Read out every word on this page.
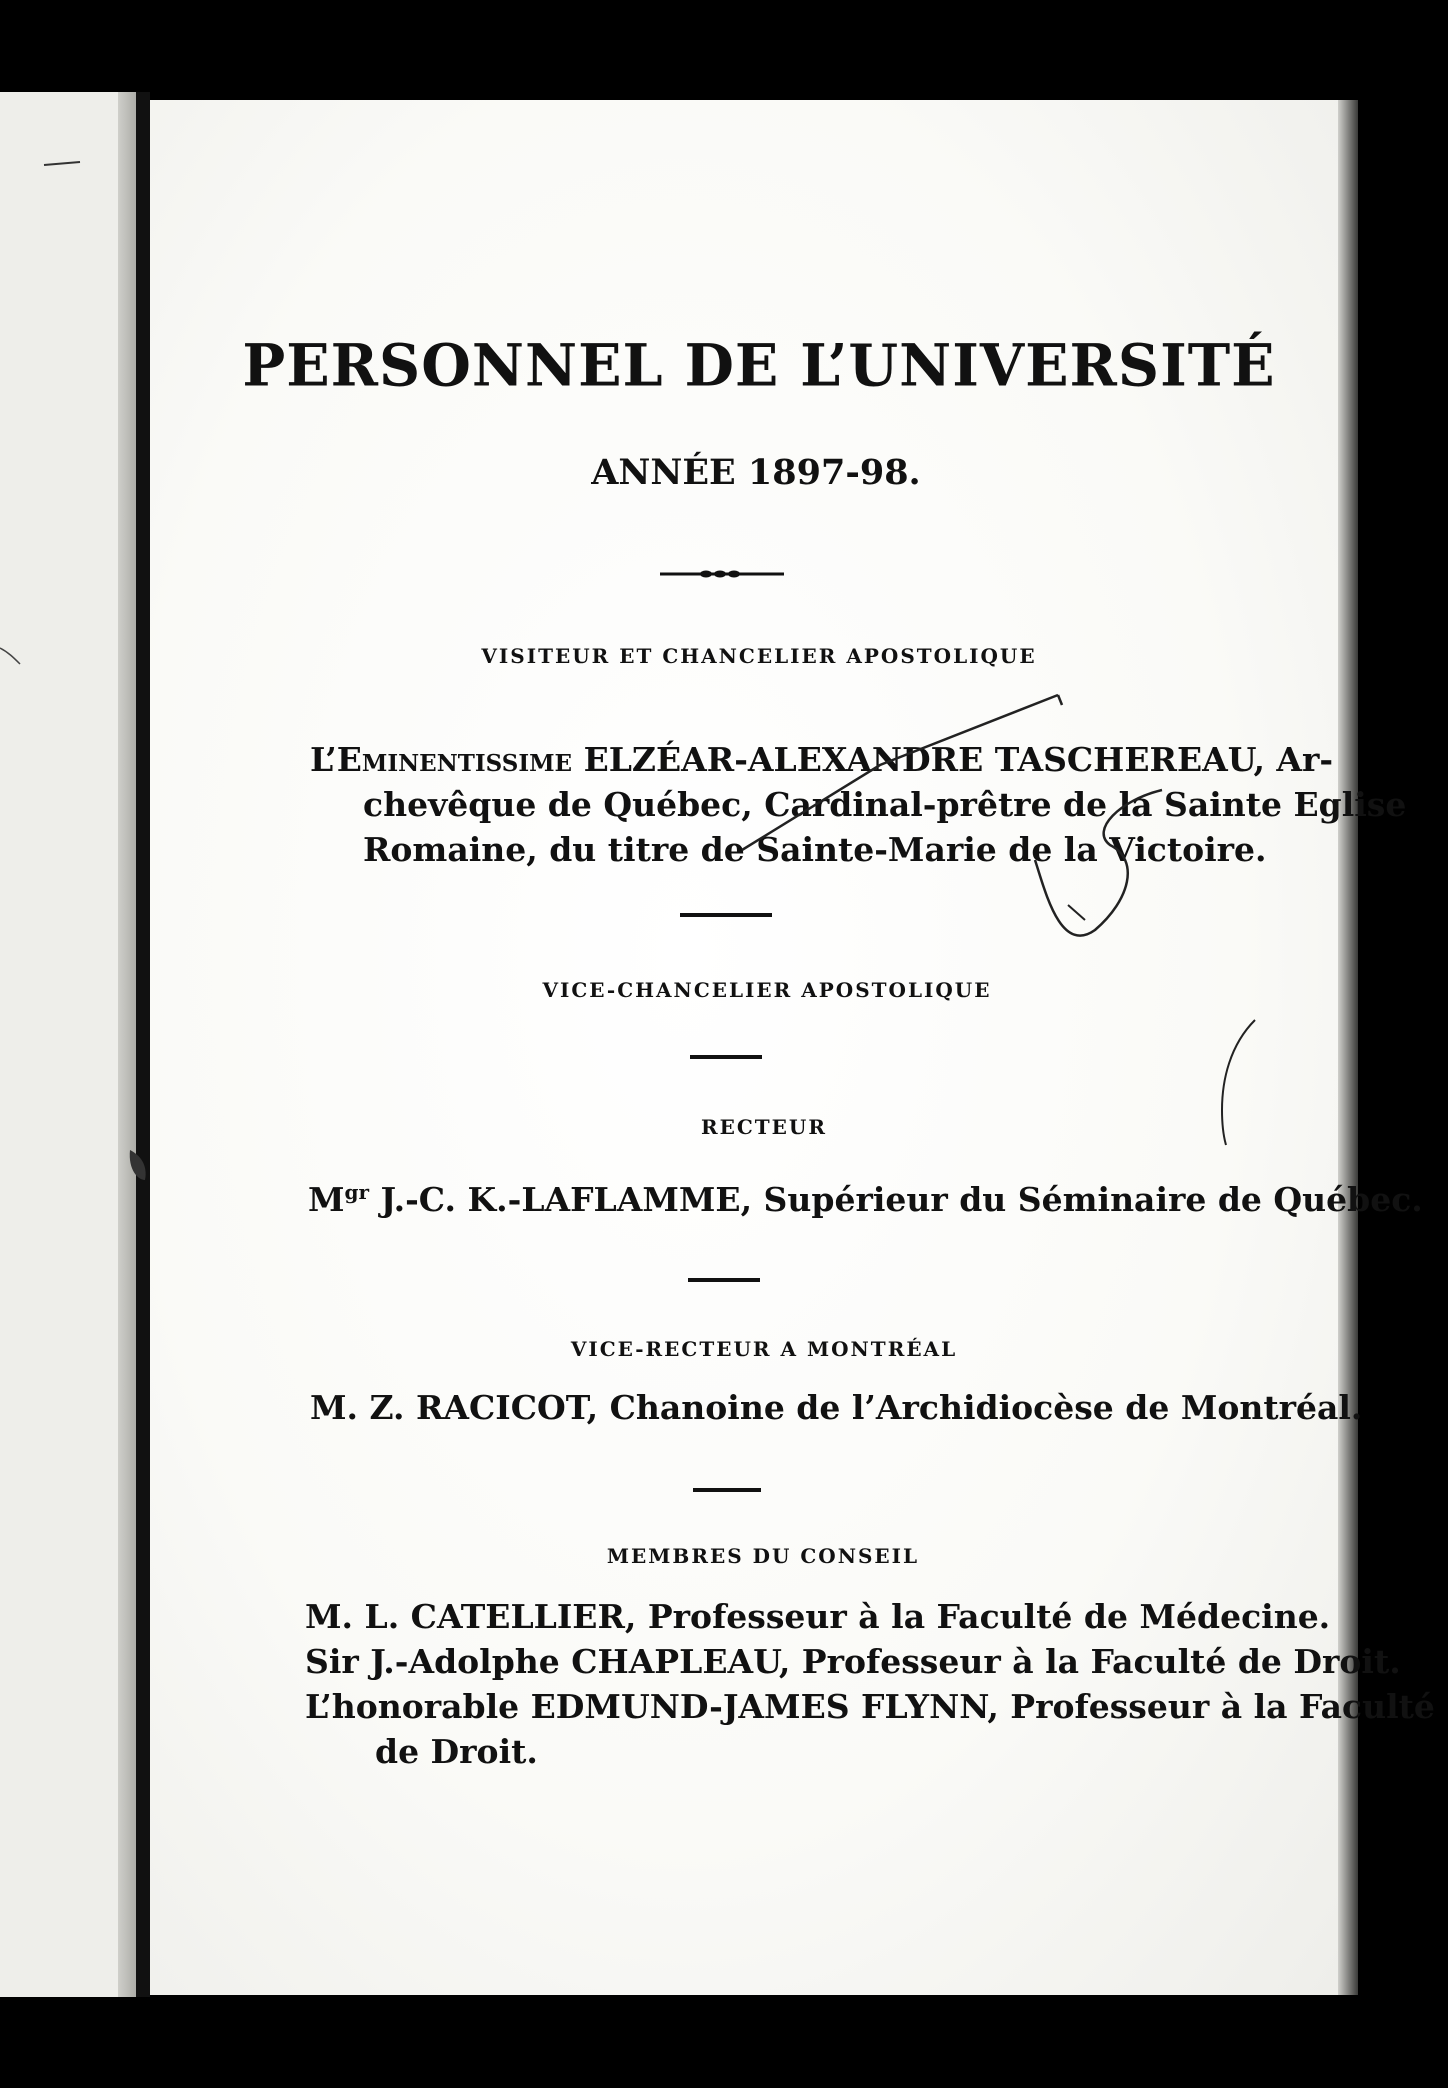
PERSONNEL DE L’UNIVERSITÉ
ANNÉE 1897-98.
VISITEUR ET CHANCELIER APOSTOLIQUE
L’Eminentissime ELZÉAR-ALEXANDRE TASCHEREAU, Ar-
chevêque de Québec, Cardinal-prêtre de la Sainte Eglise
Romaine, du titre de Sainte-Marie de la Victoire.
VICE-CHANCELIER APOSTOLIQUE
RECTEUR
$M^{gr}$ J.-C. K.-LAFLAMME, Supérieur du Séminaire de Québec.
VICE-RECTEUR A MONTRÉAL
M. Z. RACICOT, Chanoine de l’Archidiocèse de Montréal.
MEMBRES DU CONSEIL
M. L. CATELLIER, Professeur à la Faculté de Médecine.
Sir J.-Adolphe CHAPLEAU, Professeur à la Faculté de Droit.
L’honorable EDMUND-JAMES FLYNN, Professeur à la Faculté
de Droit.
